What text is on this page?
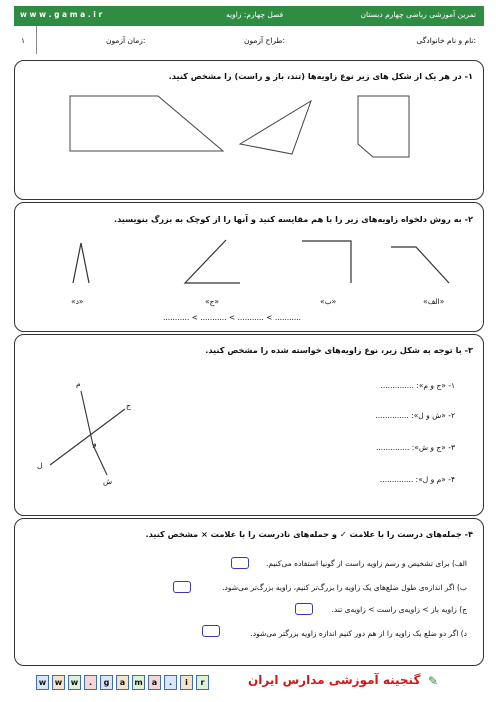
w w w . g a m a . i r	فصل چهارم: زاویه	تمرین آموزشی ریاضی چهارم دبستان
۱	زمان آزمون:	طراح آزمون:	نام و نام خانوادگی:
۱- در هر یک از شکل های زیر نوع زاویه‌ها (تند، باز و راست) را مشخص کنید.
۲- به روش دلخواه زاویه‌های زیر را با هم مقایسه کنید و آنها را از کوچک به بزرگ بنویسید.
«د»	«ج»	«ب»	«الف»
........... < ........... < ........... < ...........
۳- با توجه به شکل زیر، نوع زاویه‌های خواسته شده را مشخص کنید.
م
ج
و
ل
ش
۱- «ج و م»: ..............
۲- «ش و ل»: ..............
۳- «ج و ش»: ..............
۴- «م و ل»: ..............
۴- جمله‌های درست را با علامت ✓ و جمله‌های نادرست را با علامت × مشخص کنید.
الف) برای تشخیص و رسم زاویه راست از گونیا استفاده می‌کنیم.
ب) اگر اندازه‌ی طول ضلع‌های یک زاویه را بزرگ‌تر کنیم، زاویه بزرگ‌تر می‌شود.
ج) زاویه باز > زاویه‌ی راست > زاویه‌ی تند.
د) اگر دو ضلع یک زاویه را از هم دور کنیم اندازه زاویه بزرگتر می‌شود.
w	w	w	.	g	a	m	a	.	i	r	گنجینه آموزشی مدارس ایران ✎
